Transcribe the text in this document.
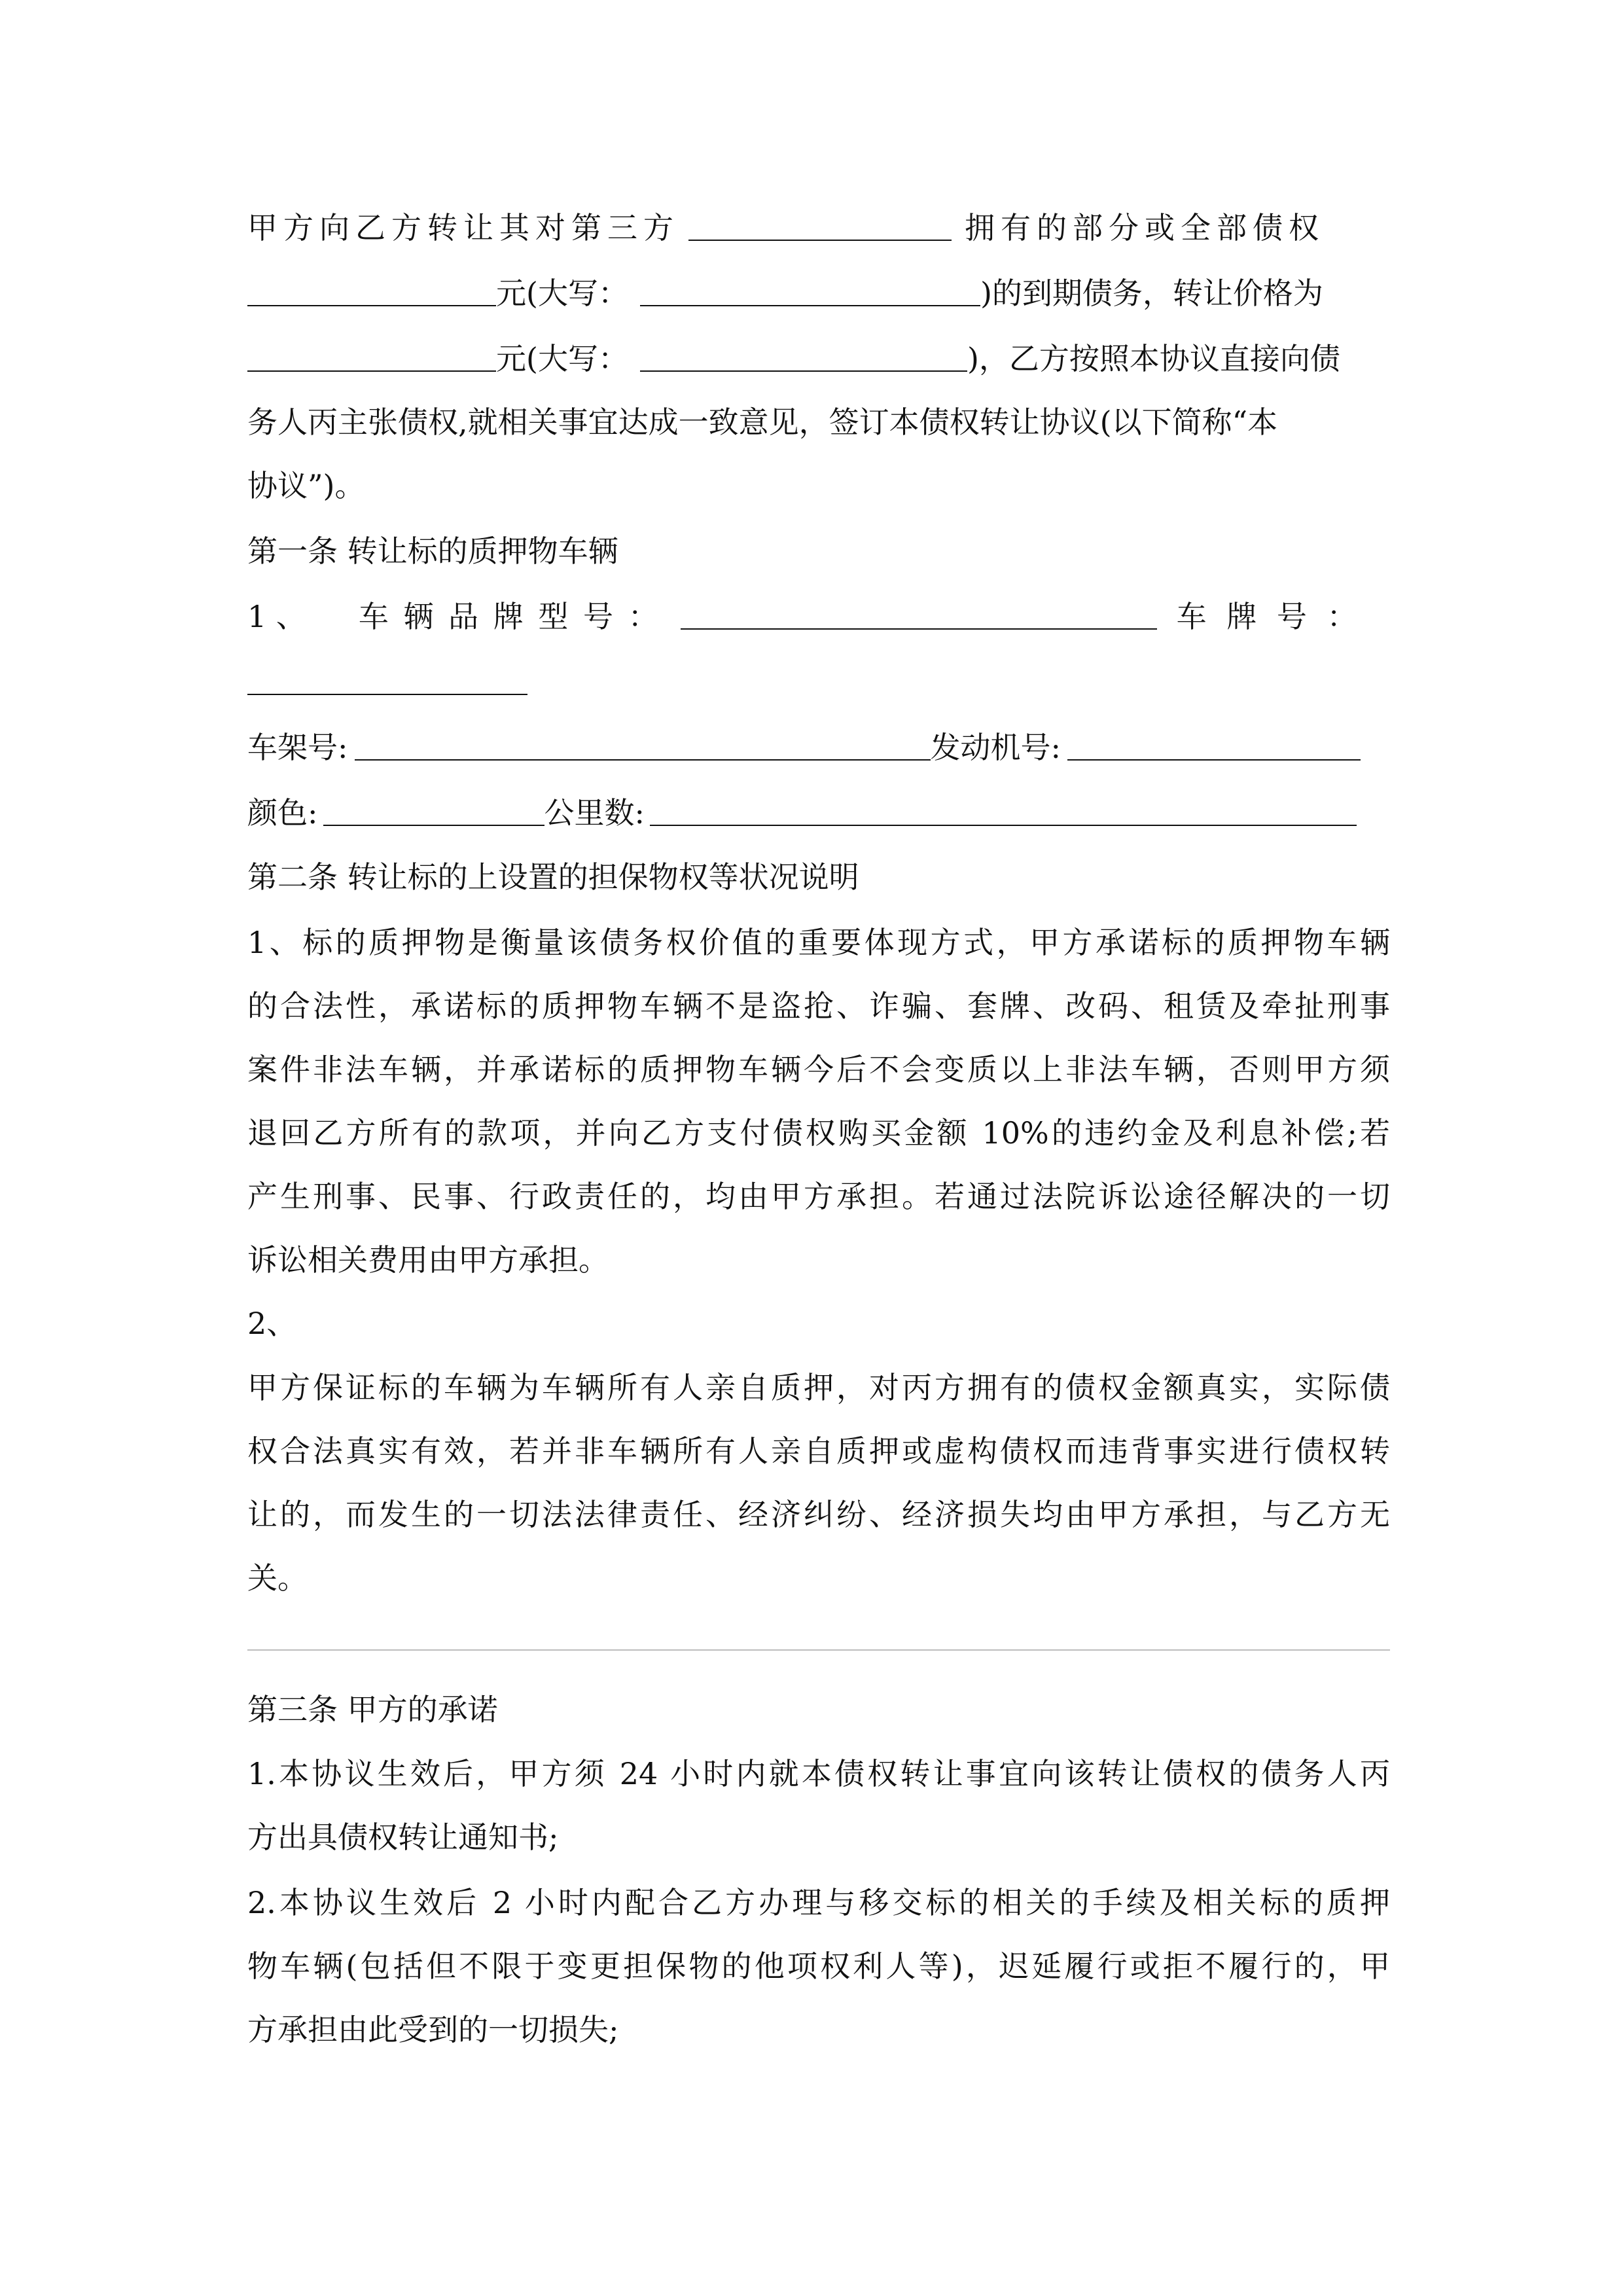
甲方向乙方转让其对第三方	拥有的部分或全部债权
元(大写：	)的到期债务，转让价格为
元(大写：	)，乙方按照本协议直接向债
务人丙主张债权,就相关事宜达成一致意见，签订本债权转让协议(以下简称“本
协议”)。
第一条 转让标的质押物车辆
1 、 车 辆 品 牌 型 号 ：	车 牌 号 ：
车架号:	发动机号:
颜色:	公里数:
第二条 转让标的上设置的担保物权等状况说明
1、标的质押物是衡量该债务权价值的重要体现方式，甲方承诺标的质押物车辆
的合法性，承诺标的质押物车辆不是盗抢、诈骗、套牌、改码、租赁及牵扯刑事
案件非法车辆，并承诺标的质押物车辆今后不会变质以上非法车辆，否则甲方须
退回乙方所有的款项，并向乙方支付债权购买金额 10%的违约金及利息补偿;若
产生刑事、民事、行政责任的，均由甲方承担。若通过法院诉讼途径解决的一切
诉讼相关费用由甲方承担。
2、
甲方保证标的车辆为车辆所有人亲自质押，对丙方拥有的债权金额真实，实际债
权合法真实有效，若并非车辆所有人亲自质押或虚构债权而违背事实进行债权转
让的，而发生的一切法法律责任、经济纠纷、经济损失均由甲方承担，与乙方无
关。
第三条 甲方的承诺
1.本协议生效后，甲方须 24 小时内就本债权转让事宜向该转让债权的债务人丙
方出具债权转让通知书;
2.本协议生效后 2 小时内配合乙方办理与移交标的相关的手续及相关标的质押
物车辆(包括但不限于变更担保物的他项权利人等)，迟延履行或拒不履行的，甲
方承担由此受到的一切损失;
